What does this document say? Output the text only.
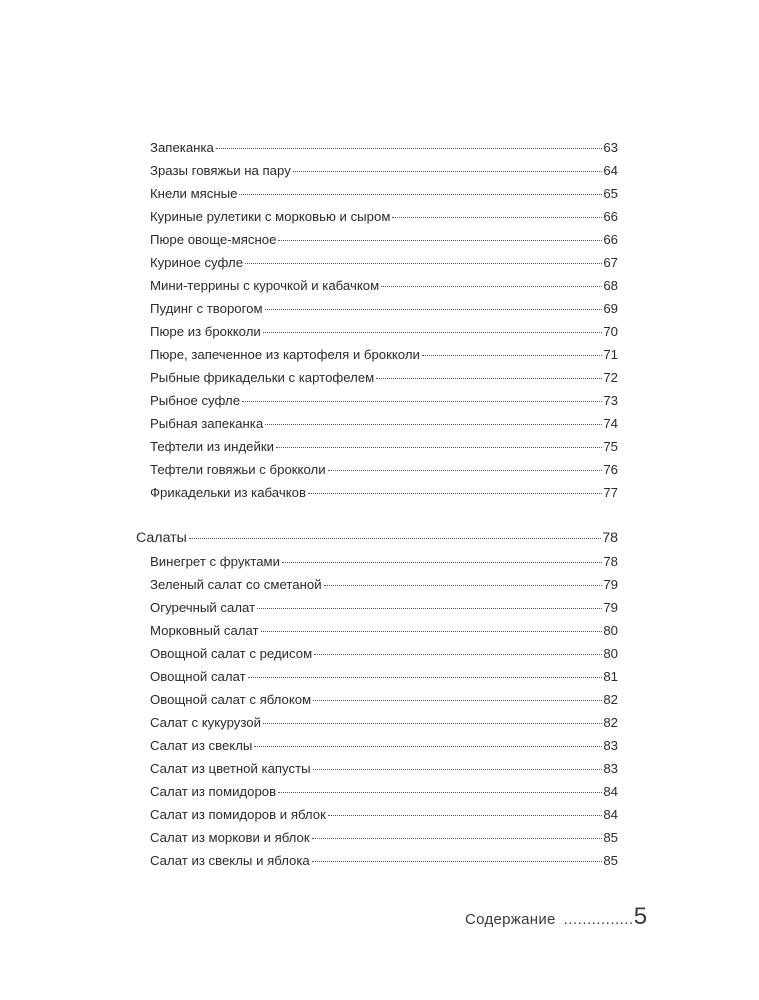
Запеканка	63
Зразы говяжьи на пару	64
Кнели мясные	65
Куриные рулетики с морковью и сыром	66
Пюре овоще-мясное	66
Куриное суфле	67
Мини-террины с курочкой и кабачком	68
Пудинг с творогом	69
Пюре из брокколи	70
Пюре, запеченное из картофеля и брокколи	71
Рыбные фрикадельки с картофелем	72
Рыбное суфле	73
Рыбная запеканка	74
Тефтели из индейки	75
Тефтели говяжьи с брокколи	76
Фрикадельки из кабачков	77
Салаты	78
Винегрет с фруктами	78
Зеленый салат со сметаной	79
Огуречный салат	79
Морковный салат	80
Овощной салат с редисом	80
Овощной салат	81
Овощной салат с яблоком	82
Салат с кукурузой	82
Салат из свеклы	83
Салат из цветной капусты	83
Салат из помидоров	84
Салат из помидоров и яблок	84
Салат из моркови и яблок	85
Салат из свеклы и яблока	85
Содержание ............... 5
